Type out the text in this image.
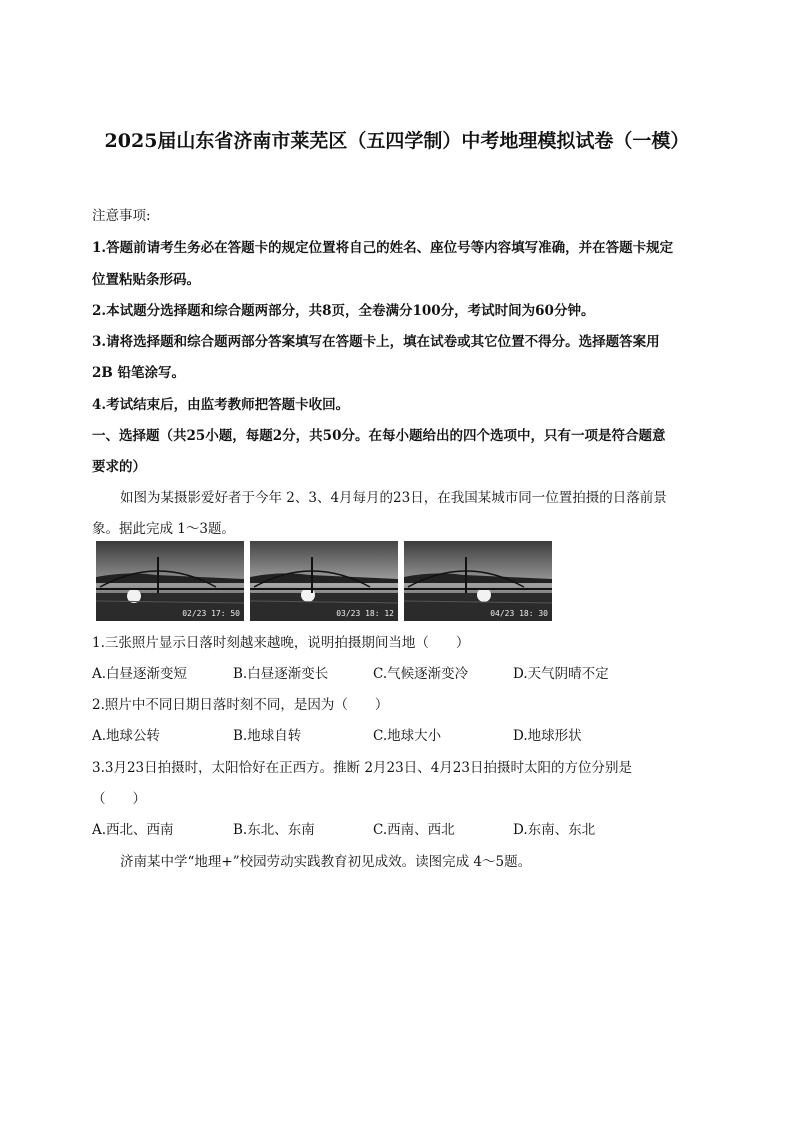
2025届山东省济南市莱芜区（五四学制）中考地理模拟试卷（一模）
注意事项:
1.答题前请考生务必在答题卡的规定位置将自己的姓名、座位号等内容填写准确，并在答题卡规定
位置粘贴条形码。
2.本试题分选择题和综合题两部分，共8页，全卷满分100分，考试时间为60分钟。
3.请将选择题和综合题两部分答案填写在答题卡上，填在试卷或其它位置不得分。选择题答案用
2B 铅笔涂写。
4.考试结束后，由监考教师把答题卡收回。
一、选择题（共25小题，每题2分，共50分。在每小题给出的四个选项中，只有一项是符合题意
要求的）
如图为某摄影爱好者于今年 2、3、4月每月的23日，在我国某城市同一位置拍摄的日落前景
象。据此完成 1～3题。
02/23 17: 50	03/23 18: 12	04/23 18: 30
1.三张照片显示日落时刻越来越晚，说明拍摄期间当地（　　）
A.白昼逐渐变短	B.白昼逐渐变长	C.气候逐渐变冷	D.天气阴晴不定
2.照片中不同日期日落时刻不同，是因为（　　）
A.地球公转	B.地球自转	C.地球大小	D.地球形状
3.3月23日拍摄时，太阳恰好在正西方。推断 2月23日、4月23日拍摄时太阳的方位分别是
（　　）
A.西北、西南	B.东北、东南	C.西南、西北	D.东南、东北
济南某中学“地理+”校园劳动实践教育初见成效。读图完成 4～5题。
